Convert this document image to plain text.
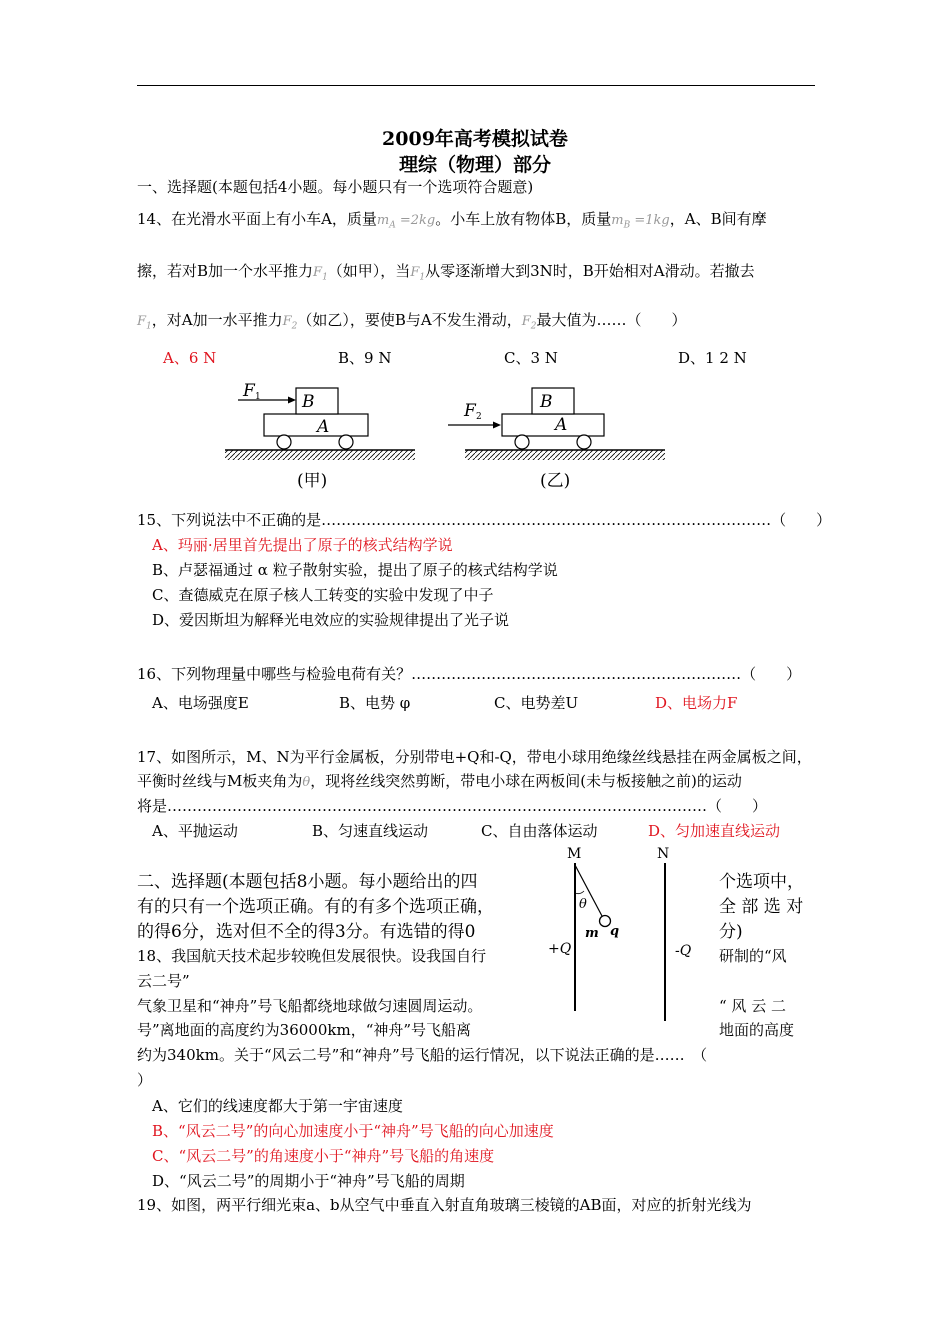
2009年高考模拟试卷
理综（物理）部分
一、选择题(本题包括4小题。每小题只有一个选项符合题意)
14、在光滑水平面上有小车A，质量$m_A =2kg$。小车上放有物体B，质量$m_B =1kg$，A、B间有摩
擦，若对B加一个水平推力$F_1$（如甲），当$F_1$从零逐渐增大到3N时，B开始相对A滑动。若撤去
$F_1$，对A加一水平推力$F_2$（如乙），要使B与A不发生滑动，$F_2$最大值为……（　　）
A、6 N	B、9 N	C、3 N	D、1 2 N
F 1 B
A
(甲)
F 2
B
A
(乙)
15、下列说法中不正确的是………………………………………………………………………………（　　）
A、玛丽·居里首先提出了原子的核式结构学说
B、卢瑟福通过 α 粒子散射实验，提出了原子的核式结构学说
C、查德威克在原子核人工转变的实验中发现了中子
D、爱因斯坦为解释光电效应的实验规律提出了光子说
16、下列物理量中哪些与检验电荷有关？…………………………………………………………（　　）
A、电场强度E	B、电势 φ	C、电势差U	D、电场力F
17、如图所示，M、N为平行金属板，分别带电+Q和-Q，带电小球用绝缘丝线悬挂在两金属板之间，
平衡时丝线与M板夹角为θ，现将丝线突然剪断，带电小球在两板间(未与板接触之前)的运动
将是………………………………………………………………………………………………（　　）
A、平抛运动	B、匀速直线运动	C、自由落体运动	D、匀加速直线运动
二、选择题(本题包括8小题。每小题给出的四
有的只有一个选项正确。有的有多个选项正确，
的得6分，选对但不全的得3分。有选错的得0
个选项中，
全 部 选 对
分)
18、我国航天技术起步较晚但发展很快。设我国自行	研制的“风
云二号”
气象卫星和“神舟”号飞船都绕地球做匀速圆周运动。	“ 风 云 二
号”离地面的高度约为36000km，“神舟”号飞船离	地面的高度
约为340km。关于“风云二号”和“神舟”号飞船的运行情况，以下说法正确的是……　（
）
A、它们的线速度都大于第一宇宙速度
B、“风云二号”的向心加速度小于“神舟”号飞船的向心加速度
C、“风云二号”的角速度小于“神舟”号飞船的角速度
D、“风云二号”的周期小于“神舟”号飞船的周期
19、如图，两平行细光束a、b从空气中垂直入射直角玻璃三棱镜的AB面，对应的折射光线为
M	N
θ
m q
+Q	-Q
